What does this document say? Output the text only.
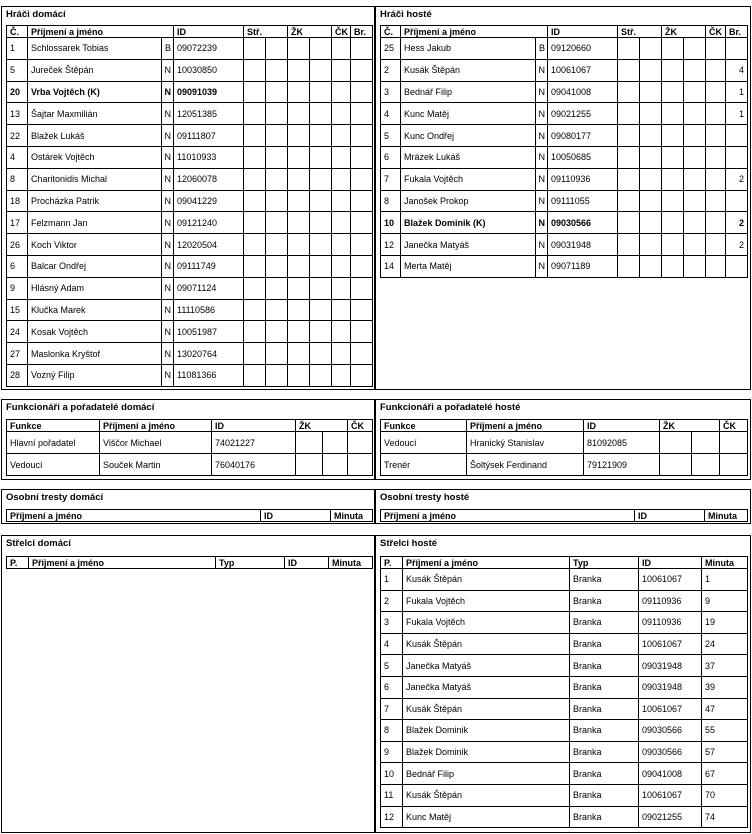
Hráči domácí
Č.	Příjmení a jméno		ID	Stř.		ŽK		ČK	Br.
1	Schlossarek Tobias	B	09072239						
5	Jureček Štěpán	N	10030850						
20	Vrba Vojtěch (K)	N	09091039						
13	Šajtar Maxmilián	N	12051385						
22	Blažek Lukáš	N	09111807						
4	Ostárek Vojtěch	N	11010933						
8	Charitonidis Michal	N	12060078						
18	Procházka Patrik	N	09041229						
17	Felzmann Jan	N	09121240						
26	Koch Viktor	N	12020504						
6	Balcar Ondřej	N	09111749						
9	Hlásný Adam	N	09071124						
15	Klučka Marek	N	11110586						
24	Kosak Vojtěch	N	10051987						
27	Maslonka Kryštof	N	13020764						
28	Vozný Filip	N	11081366						
Hráči hosté
Č.	Příjmení a jméno		ID	Stř.		ŽK		ČK	Br.
25	Hess Jakub	B	09120660						
2	Kusák Štěpán	N	10061067						4
3	Bednář Filip	N	09041008						1
4	Kunc Matěj	N	09021255						1
5	Kunc Ondřej	N	09080177						
6	Mrázek Lukáš	N	10050685						
7	Fukala Vojtěch	N	09110936						2
8	Janošek Prokop	N	09111055						
10	Blažek Dominik (K)	N	09030566						2
12	Janečka Matyáš	N	09031948						2
14	Merta Matěj	N	09071189						
Funkcionáři a pořadatelé domácí
Funkce	Příjmení a jméno	ID	ŽK		ČK
Hlavní pořadatel	Viščor Michael	74021227			
Vedoucí	Souček Martin	76040176			
Funkcionáři a pořadatelé hosté
Funkce	Příjmení a jméno	ID	ŽK		ČK
Vedoucí	Hranický Stanislav	81092085			
Trenér	Šoltýsek Ferdinand	79121909			
Osobní tresty domácí
Příjmení a jméno	ID	Minuta
Osobní tresty hosté
Příjmení a jméno	ID	Minuta
Střelci domácí
P.	Příjmení a jméno	Typ	ID	Minuta
Střelci hosté
P.	Příjmení a jméno	Typ	ID	Minuta
1	Kusák Štěpán	Branka	10061067	1
2	Fukala Vojtěch	Branka	09110936	9
3	Fukala Vojtěch	Branka	09110936	19
4	Kusák Štěpán	Branka	10061067	24
5	Janečka Matyáš	Branka	09031948	37
6	Janečka Matyáš	Branka	09031948	39
7	Kusák Štěpán	Branka	10061067	47
8	Blažek Dominik	Branka	09030566	55
9	Blažek Dominik	Branka	09030566	57
10	Bednář Filip	Branka	09041008	67
11	Kusák Štěpán	Branka	10061067	70
12	Kunc Matěj	Branka	09021255	74
